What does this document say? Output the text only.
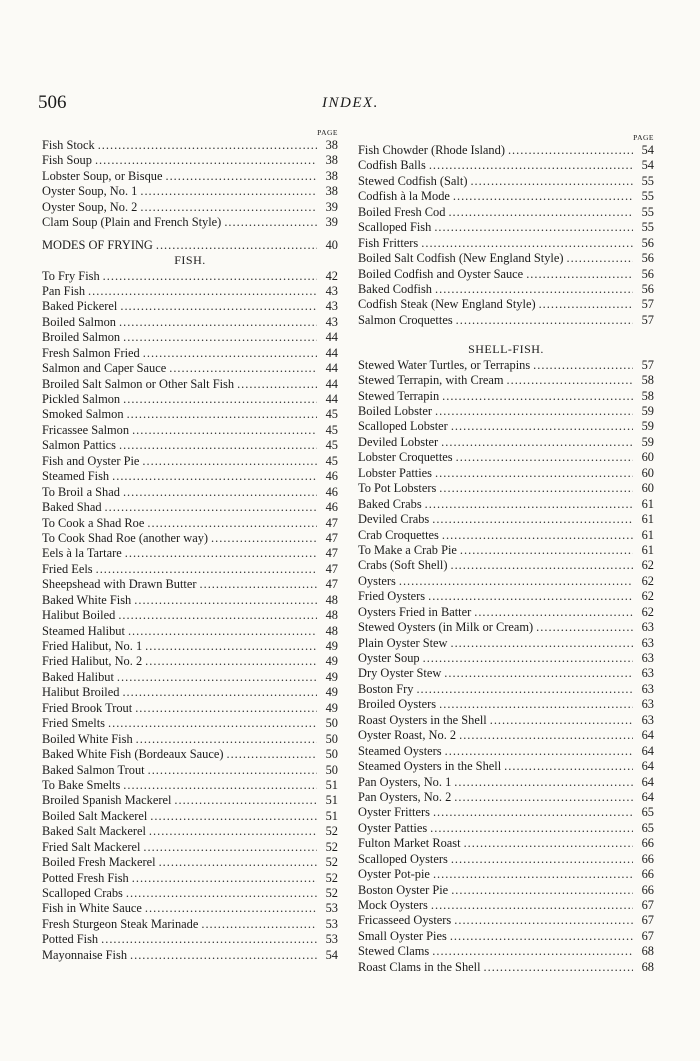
506	INDEX.
PAGE
Fish Stock .....	38
Fish Soup .....	38
Lobster Soup, or Bisque .....	38
Oyster Soup, No. 1 .....	38
Oyster Soup, No. 2 .....	39
Clam Soup (Plain and French Style) .....	39
MODES OF FRYING .....	40
FISH.
To Fry Fish .....	42
Pan Fish .....	43
Baked Pickerel .....	43
Boiled Salmon .....	43
Broiled Salmon .....	44
Fresh Salmon Fried .....	44
Salmon and Caper Sauce .....	44
Broiled Salt Salmon or Other Salt Fish .....	44
Pickled Salmon .....	44
Smoked Salmon .....	45
Fricassee Salmon .....	45
Salmon Pattics .....	45
Fish and Oyster Pie .....	45
Steamed Fish .....	46
To Broil a Shad .....	46
Baked Shad .....	46
To Cook a Shad Roe .....	47
To Cook Shad Roe (another way) .....	47
Eels à la Tartare .....	47
Fried Eels .....	47
Sheepshead with Drawn Butter .....	47
Baked White Fish .....	48
Halibut Boiled .....	48
Steamed Halibut .....	48
Fried Halibut, No. 1 .....	49
Fried Halibut, No. 2 .....	49
Baked Halibut .....	49
Halibut Broiled .....	49
Fried Brook Trout .....	49
Fried Smelts .....	50
Boiled White Fish .....	50
Baked White Fish (Bordeaux Sauce) .....	50
Baked Salmon Trout .....	50
To Bake Smelts .....	51
Broiled Spanish Mackerel .....	51
Boiled Salt Mackerel .....	51
Baked Salt Mackerel .....	52
Fried Salt Mackerel .....	52
Boiled Fresh Mackerel .....	52
Potted Fresh Fish .....	52
Scalloped Crabs .....	52
Fish in White Sauce .....	53
Fresh Sturgeon Steak Marinade .....	53
Potted Fish .....	53
Mayonnaise Fish .....	54
PAGE
Fish Chowder (Rhode Island) .....	54
Codfish Balls .....	54
Stewed Codfish (Salt) .....	55
Codfish à la Mode .....	55
Boiled Fresh Cod .....	55
Scalloped Fish .....	55
Fish Fritters .....	56
Boiled Salt Codfish (New England Style) .....	56
Boiled Codfish and Oyster Sauce .....	56
Baked Codfish .....	56
Codfish Steak (New England Style) .....	57
Salmon Croquettes .....	57
SHELL-FISH.
Stewed Water Turtles, or Terrapins .....	57
Stewed Terrapin, with Cream .....	58
Stewed Terrapin .....	58
Boiled Lobster .....	59
Scalloped Lobster .....	59
Deviled Lobster .....	59
Lobster Croquettes .....	60
Lobster Patties .....	60
To Pot Lobsters .....	60
Baked Crabs .....	61
Deviled Crabs .....	61
Crab Croquettes .....	61
To Make a Crab Pie .....	61
Crabs (Soft Shell) .....	62
Oysters .....	62
Fried Oysters .....	62
Oysters Fried in Batter .....	62
Stewed Oysters (in Milk or Cream) .....	63
Plain Oyster Stew .....	63
Oyster Soup .....	63
Dry Oyster Stew .....	63
Boston Fry .....	63
Broiled Oysters .....	63
Roast Oysters in the Shell .....	63
Oyster Roast, No. 2 .....	64
Steamed Oysters .....	64
Steamed Oysters in the Shell .....	64
Pan Oysters, No. 1 .....	64
Pan Oysters, No. 2 .....	64
Oyster Fritters .....	65
Oyster Patties .....	65
Fulton Market Roast .....	66
Scalloped Oysters .....	66
Oyster Pot-pie .....	66
Boston Oyster Pie .....	66
Mock Oysters .....	67
Fricasseed Oysters .....	67
Small Oyster Pies .....	67
Stewed Clams .....	68
Roast Clams in the Shell .....	68
